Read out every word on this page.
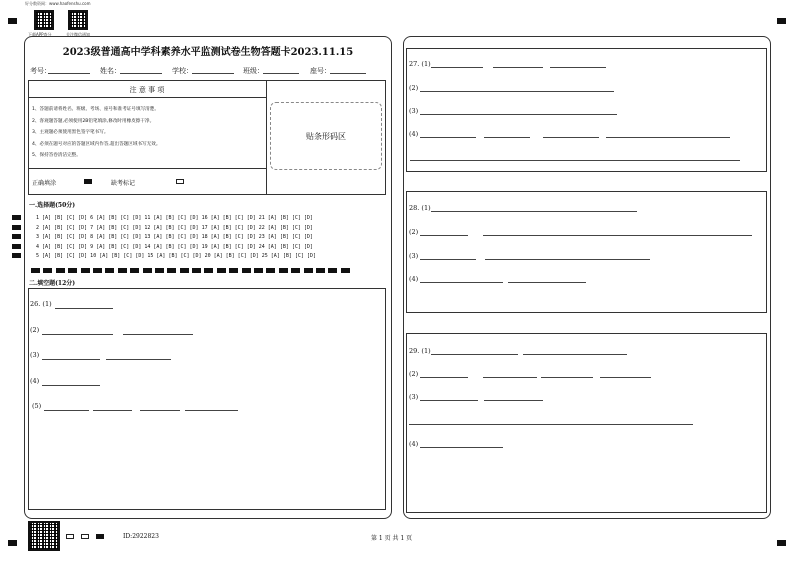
好分数资网：www.haofenshu.com
下载APP查分	关注微信通知
2023级普通高中学科素养水平监测试卷生物答题卡2023.11.15
考号：	姓名：	学校：	班级：	座号：
注 意 事 项
1、答题前请将姓名、班级、考场、座号和准考证号填写清楚。
2、客观题答题,必须使用2B铅笔填涂,修改时用橡皮擦干净。
3、主观题必须使用黑色签字笔书写。
4、必须在题号对应的答题区域内作答,超出答题区域书写无效。
5、保持答卷清洁完整。
正确填涂	缺考标记
贴条形码区
一.选择题(50分)
1 [A] [B] [C] [D] 6 [A] [B] [C] [D] 11 [A] [B] [C] [D] 16 [A] [B] [C] [D] 21 [A] [B] [C] [D]
2 [A] [B] [C] [D] 7 [A] [B] [C] [D] 12 [A] [B] [C] [D] 17 [A] [B] [C] [D] 22 [A] [B] [C] [D]
3 [A] [B] [C] [D] 8 [A] [B] [C] [D] 13 [A] [B] [C] [D] 18 [A] [B] [C] [D] 23 [A] [B] [C] [D]
4 [A] [B] [C] [D] 9 [A] [B] [C] [D] 14 [A] [B] [C] [D] 19 [A] [B] [C] [D] 24 [A] [B] [C] [D]
5 [A] [B] [C] [D] 10 [A] [B] [C] [D] 15 [A] [B] [C] [D] 20 [A] [B] [C] [D] 25 [A] [B] [C] [D]
二.填空题(12分)
26. (1)
(2)
(3)
(4)
(5)
27. (1)
(2)
(3)
(4)
28. (1)
(2)
(3)
(4)
29. (1)
(2)
(3)
(4)
ID:2922823	第 1 页 共 1 页
